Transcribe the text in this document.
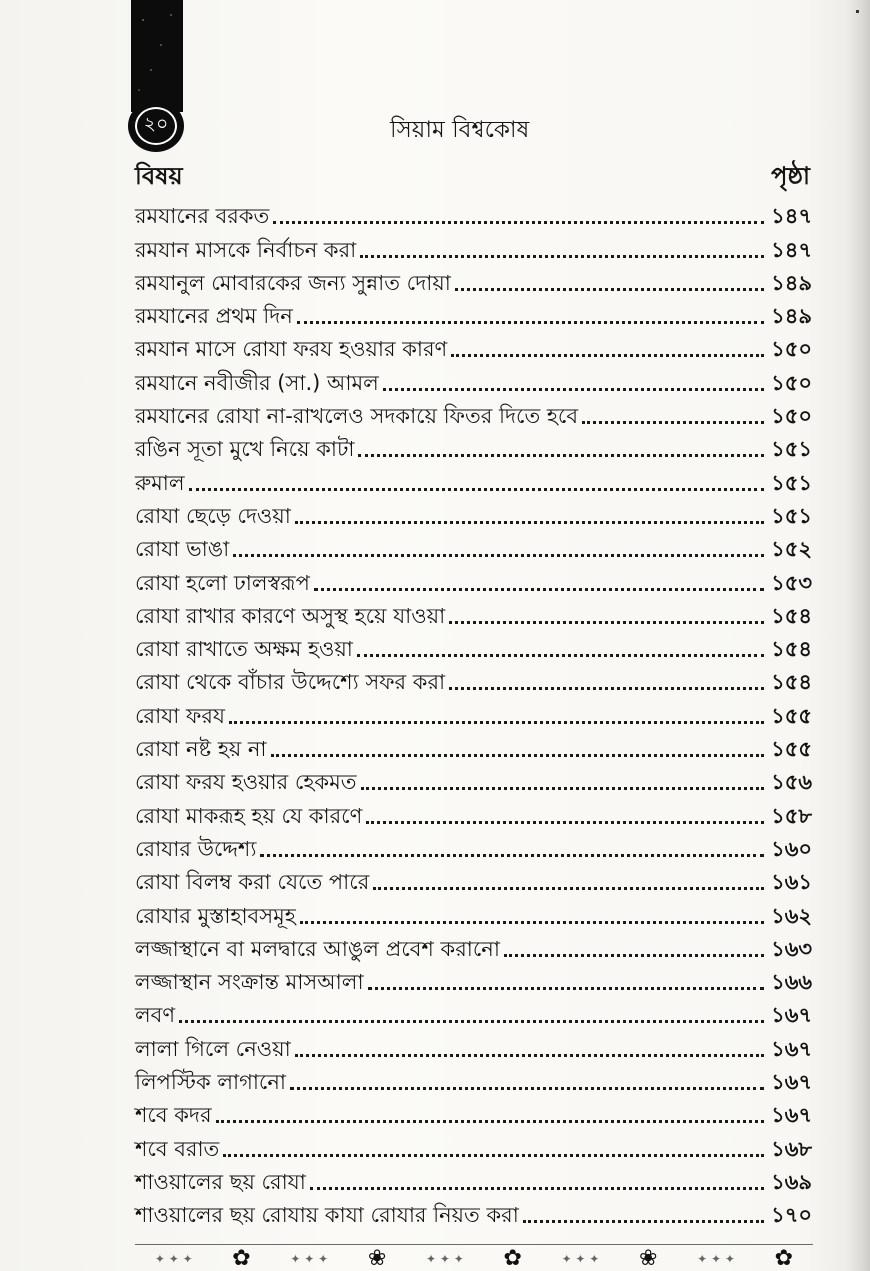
২০	সিয়াম বিশ্বকোষ
বিষয়	পৃষ্ঠা
রমযানের বরকত	১৪৭
রমযান মাসকে নির্বাচন করা	১৪৭
রমযানুল মোবারকের জন্য সুন্নাত দোয়া	১৪৯
রমযানের প্রথম দিন	১৪৯
রমযান মাসে রোযা ফরয হওয়ার কারণ	১৫০
রমযানে নবীজীর (সা.) আমল	১৫০
রমযানের রোযা না-রাখলেও সদকায়ে ফিতর দিতে হবে	১৫০
রঙিন সূতা মুখে নিয়ে কাটা	১৫১
রুমাল	১৫১
রোযা ছেড়ে দেওয়া	১৫১
রোযা ভাঙা	১৫২
রোযা হলো ঢালস্বরূপ	১৫৩
রোযা রাখার কারণে অসুস্থ হয়ে যাওয়া	১৫৪
রোযা রাখাতে অক্ষম হওয়া	১৫৪
রোযা থেকে বাঁচার উদ্দেশ্যে সফর করা	১৫৪
রোযা ফরয	১৫৫
রোযা নষ্ট হয় না	১৫৫
রোযা ফরয হওয়ার হেকমত	১৫৬
রোযা মাকরূহ হয় যে কারণে	১৫৮
রোযার উদ্দেশ্য	১৬০
রোযা বিলম্ব করা যেতে পারে	১৬১
রোযার মুস্তাহাবসমূহ	১৬২
লজ্জাস্থানে বা মলদ্বারে আঙুল প্রবেশ করানো	১৬৩
লজ্জাস্থান সংক্রান্ত মাসআলা	১৬৬
লবণ	১৬৭
লালা গিলে নেওয়া	১৬৭
লিপস্টিক লাগানো	১৬৭
শবে কদর	১৬৭
শবে বরাত	১৬৮
শাওয়ালের ছয় রোযা	১৬৯
শাওয়ালের ছয় রোযায় কাযা রোযার নিয়ত করা	১৭০
✦ ✦ ✦ ✿	✦ ✦ ✦ ❀	✦ ✦ ✦ ✿	✦ ✦ ✦ ❀	✦ ✦ ✦ ✿
